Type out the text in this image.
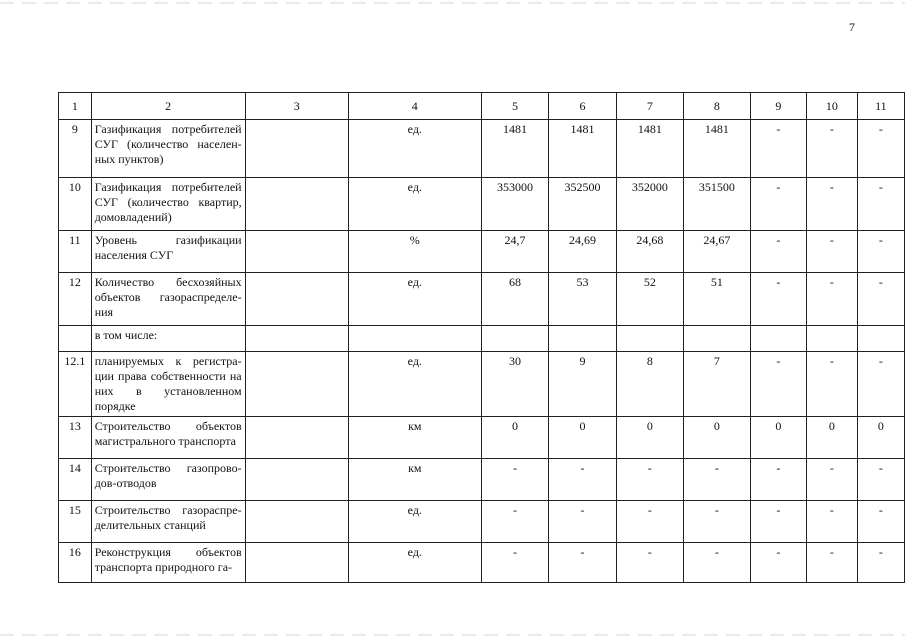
7
1	2	3	4	5	6	7	8	9	10	11
9	Газификация потребителей СУГ (количество населен-ных пунктов)		ед.	1481	1481	1481	1481	-	-	-
10	Газификация потребителей СУГ (количество квартир, домовладений)		ед.	353000	352500	352000	351500	-	-	-
11	Уровень газификации населения СУГ		%	24,7	24,69	24,68	24,67	-	-	-
12	Количество бесхозяйных объектов газораспределе-ния		ед.	68	53	52	51	-	-	-
	в том числе:									
12.1	планируемых к регистра-ции права собственности на них в установленном порядке		ед.	30	9	8	7	-	-	-
13	Строительство объектов магистрального транспорта		км	0	0	0	0	0	0	0
14	Строительство газопрово-дов-отводов		км	-	-	-	-	-	-	-
15	Строительство газораспре-делительных станций		ед.	-	-	-	-	-	-	-
16	Реконструкция объектов транспорта природного га-		ед.	-	-	-	-	-	-	-
